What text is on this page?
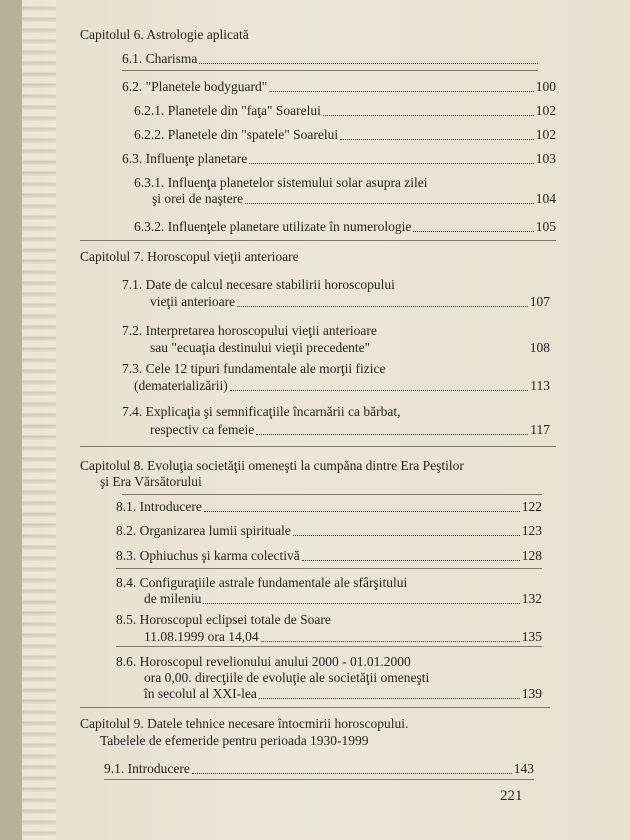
Capitolul 6. Astrologie aplicată
6.1. Charisma
6.2. "Planetele bodyguard"	100
6.2.1. Planetele din "faţa" Soarelui	102
6.2.2. Planetele din "spatele" Soarelui	102
6.3. Influenţe planetare	103
6.3.1. Influenţa planetelor sistemului solar asupra zilei
şi orei de naştere	104
6.3.2. Influenţele planetare utilizate în numerologie	105
Capitolul 7. Horoscopul vieţii anterioare
7.1. Date de calcul necesare stabilirii horoscopului
vieţii anterioare	107
7.2. Interpretarea horoscopului vieţii anterioare
sau "ecuaţia destinului vieţii precedente"	108
7.3. Cele 12 tipuri fundamentale ale morţii fizice
(dematerializării)	113
7.4. Explicaţia şi semnificaţiile încarnării ca bărbat,
respectiv ca femeie	117
Capitolul 8. Evoluţia societăţii omeneşti la cumpăna dintre Era Peştilor
şi Era Vărsătorului
8.1. Introducere	122
8.2. Organizarea lumii spirituale	123
8.3. Ophiuchus şi karma colectivă	128
8.4. Configuraţiile astrale fundamentale ale sfârşitului
de mileniu	132
8.5. Horoscopul eclipsei totale de Soare
11.08.1999 ora 14,04	135
8.6. Horoscopul revelionului anului 2000 - 01.01.2000
ora 0,00. direcţiile de evoluţie ale societăţii omeneşti
în secolul al XXI-lea	139
Capitolul 9. Datele tehnice necesare întocmirii horoscopului.
Tabelele de efemeride pentru perioada 1930-1999
9.1. Introducere	143
221
